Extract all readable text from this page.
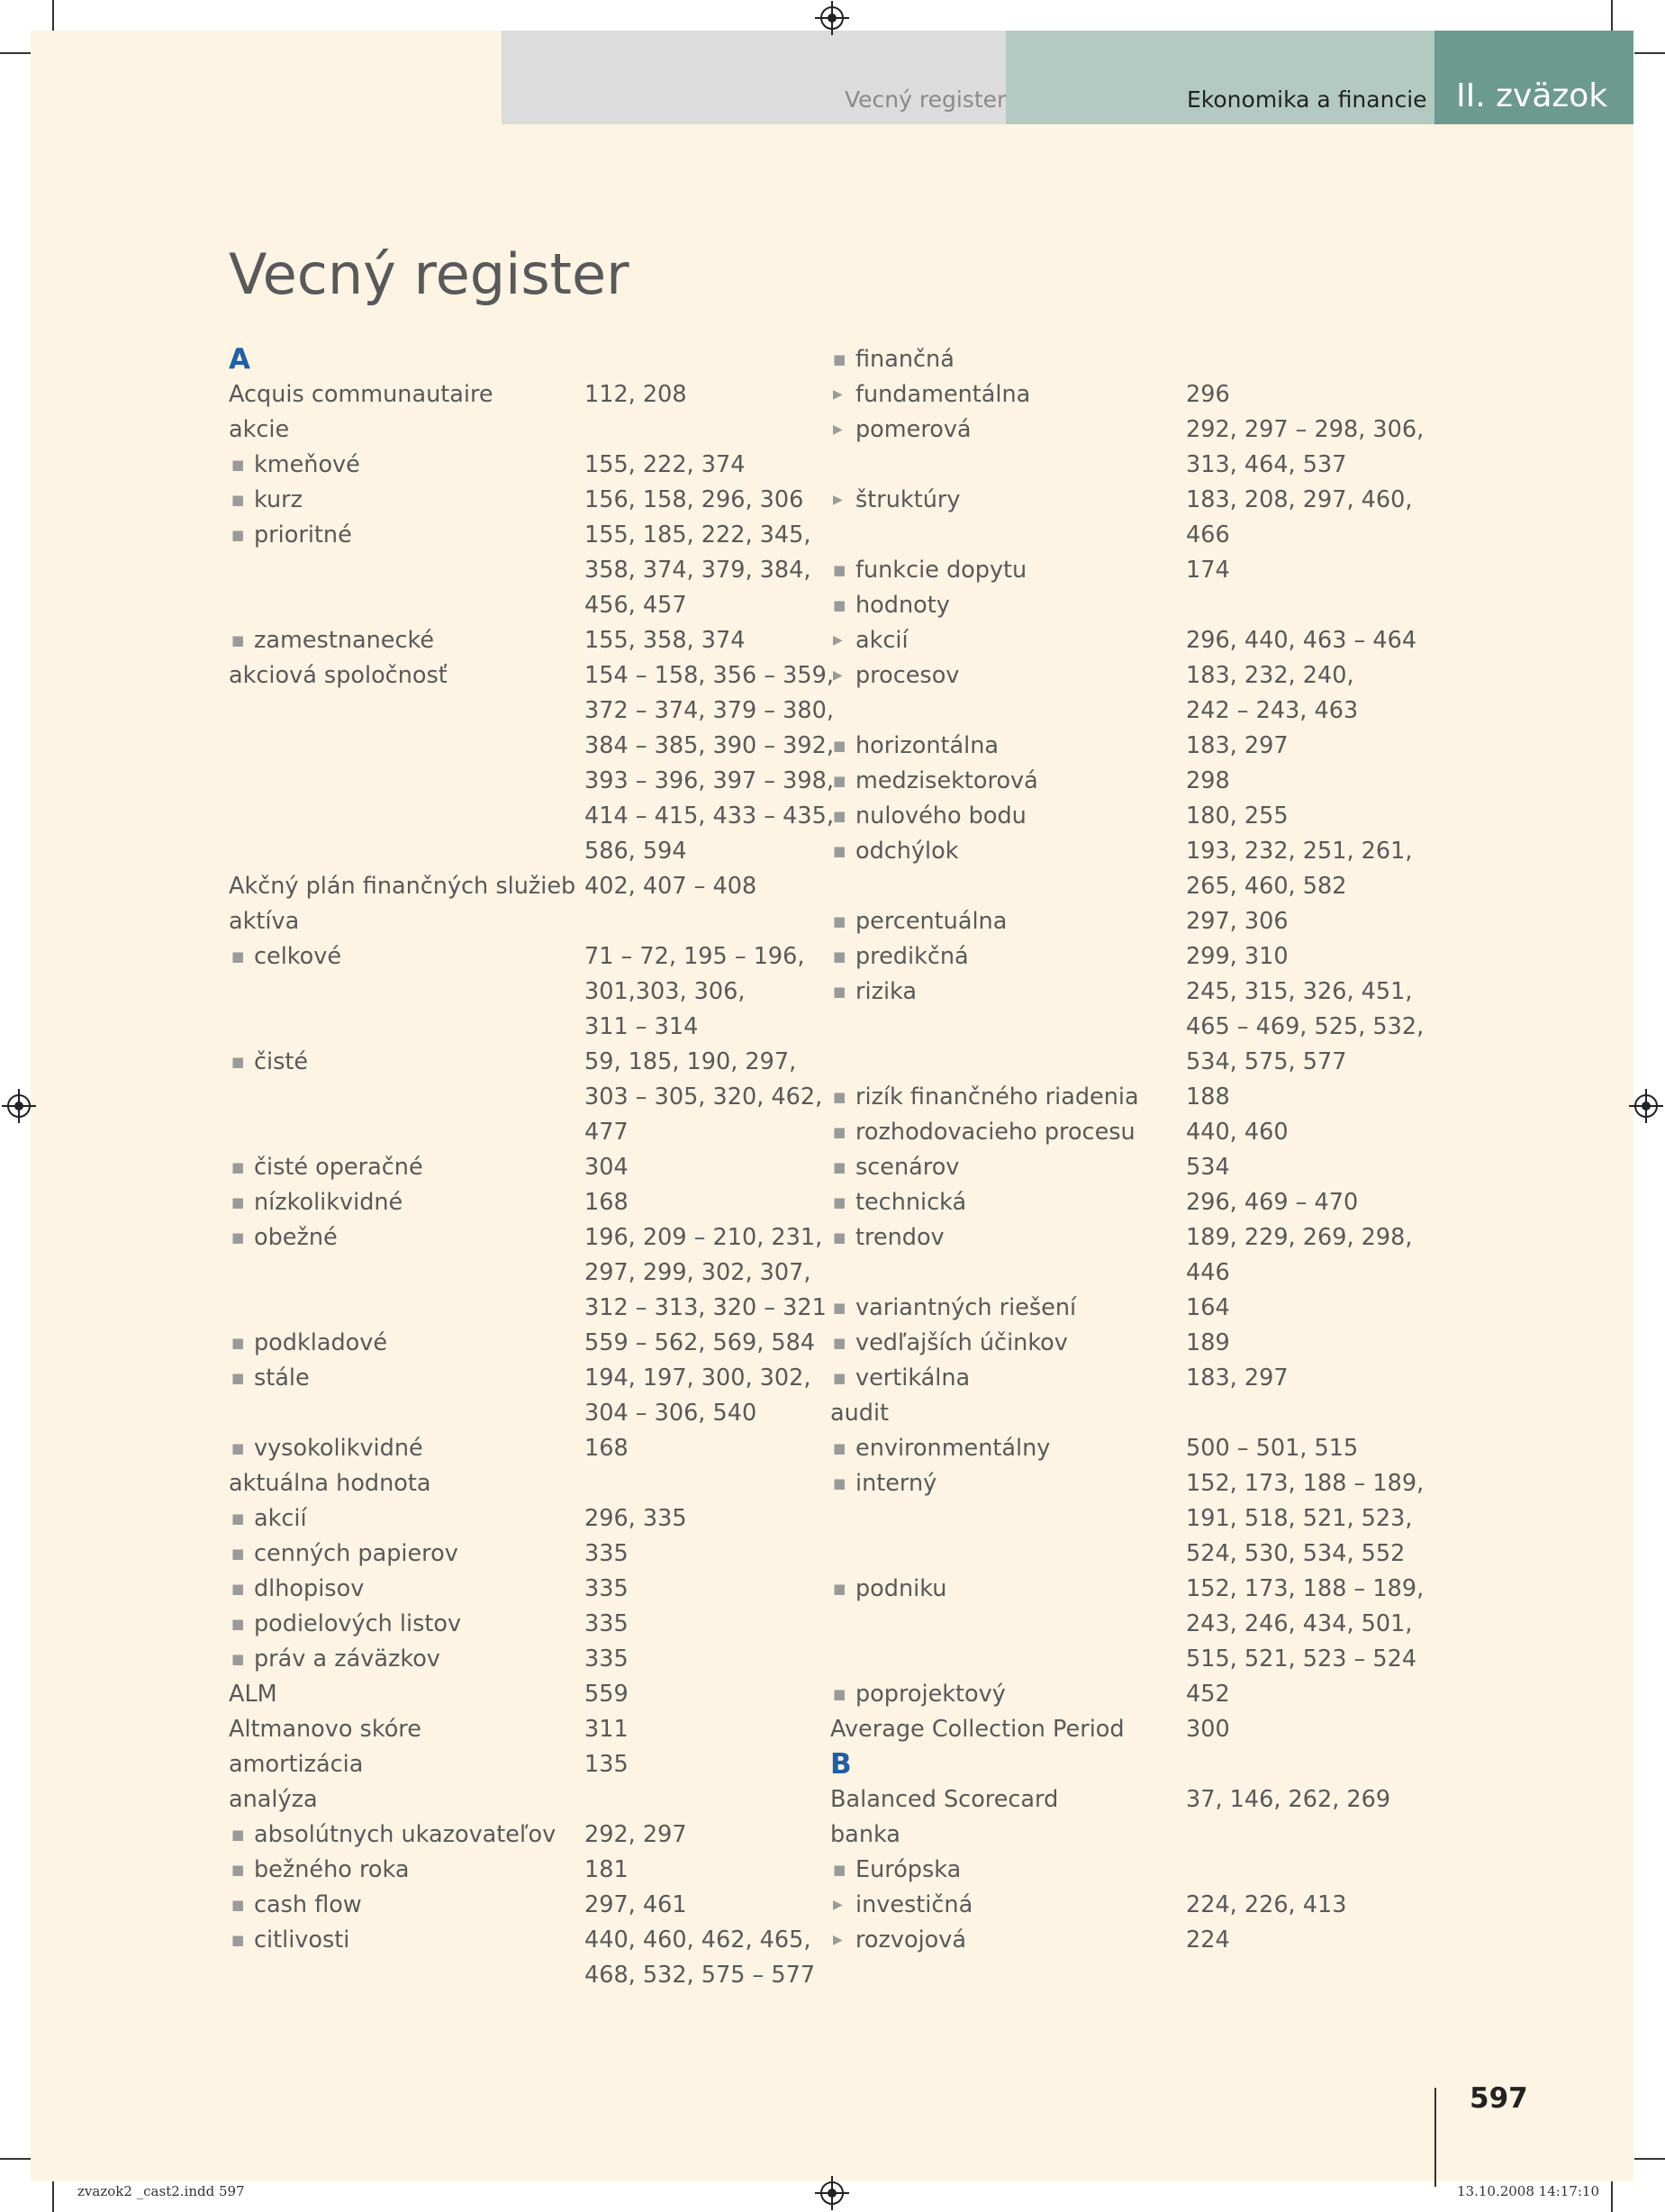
Vecný register	Ekonomika a financie II. zväzok
Vecný register
A
Acquis communautaire	112, 208
akcie
■ kmeňové	155, 222, 374
■ kurz	156, 158, 296, 306
■ prioritné	155, 185, 222, 345,
358, 374, 379, 384,
456, 457
■ zamestnanecké	155, 358, 374
akciová spoločnosť	154 – 158, 356 – 359,
372 – 374, 379 – 380,
384 – 385, 390 – 392,
393 – 396, 397 – 398,
414 – 415, 433 – 435,
586, 594
Akčný plán finančných služieb 402, 407 – 408
aktíva
■ celkové	71 – 72, 195 – 196,
301,303, 306,
311 – 314
■ čisté	59, 185, 190, 297,
303 – 305, 320, 462,
477
■ čisté operačné	304
■ nízkolikvidné	168
■ obežné	196, 209 – 210, 231,
297, 299, 302, 307,
312 – 313, 320 – 321
■ podkladové	559 – 562, 569, 584
■ stále	194, 197, 300, 302,
304 – 306, 540
■ vysokolikvidné	168
aktuálna hodnota
■ akcií	296, 335
■ cenných papierov	335
■ dlhopisov	335
■ podielových listov	335
■ práv a záväzkov	335
ALM	559
Altmanovo skóre	311
amortizácia	135
analýza
■ absolútnych ukazovateľov	292, 297
■ bežného roka	181
■ cash flow	297, 461
■ citlivosti	440, 460, 462, 465,
468, 532, 575 – 577
■ finančná
▶ fundamentálna	296
▶ pomerová	292, 297 – 298, 306,
313, 464, 537
▶ štruktúry	183, 208, 297, 460,
466
■ funkcie dopytu	174
■ hodnoty
▶ akcií	296, 440, 463 – 464
▶ procesov	183, 232, 240,
242 – 243, 463
■ horizontálna	183, 297
■ medzisektorová	298
■ nulového bodu	180, 255
■ odchýlok	193, 232, 251, 261,
265, 460, 582
■ percentuálna	297, 306
■ predikčná	299, 310
■ rizika	245, 315, 326, 451,
465 – 469, 525, 532,
534, 575, 577
■ rizík finančného riadenia	188
■ rozhodovacieho procesu	440, 460
■ scenárov	534
■ technická	296, 469 – 470
■ trendov	189, 229, 269, 298,
446
■ variantných riešení	164
■ vedľajších účinkov	189
■ vertikálna	183, 297
audit
■ environmentálny	500 – 501, 515
■ interný	152, 173, 188 – 189,
191, 518, 521, 523,
524, 530, 534, 552
■ podniku	152, 173, 188 – 189,
243, 246, 434, 501,
515, 521, 523 – 524
■ poprojektový	452
Average Collection Period	300
B
Balanced Scorecard	37, 146, 262, 269
banka
■ Európska
▶ investičná	224, 226, 413
▶ rozvojová	224
597
zvazok2 _cast2.indd 597	13.10.2008 14:17:10
